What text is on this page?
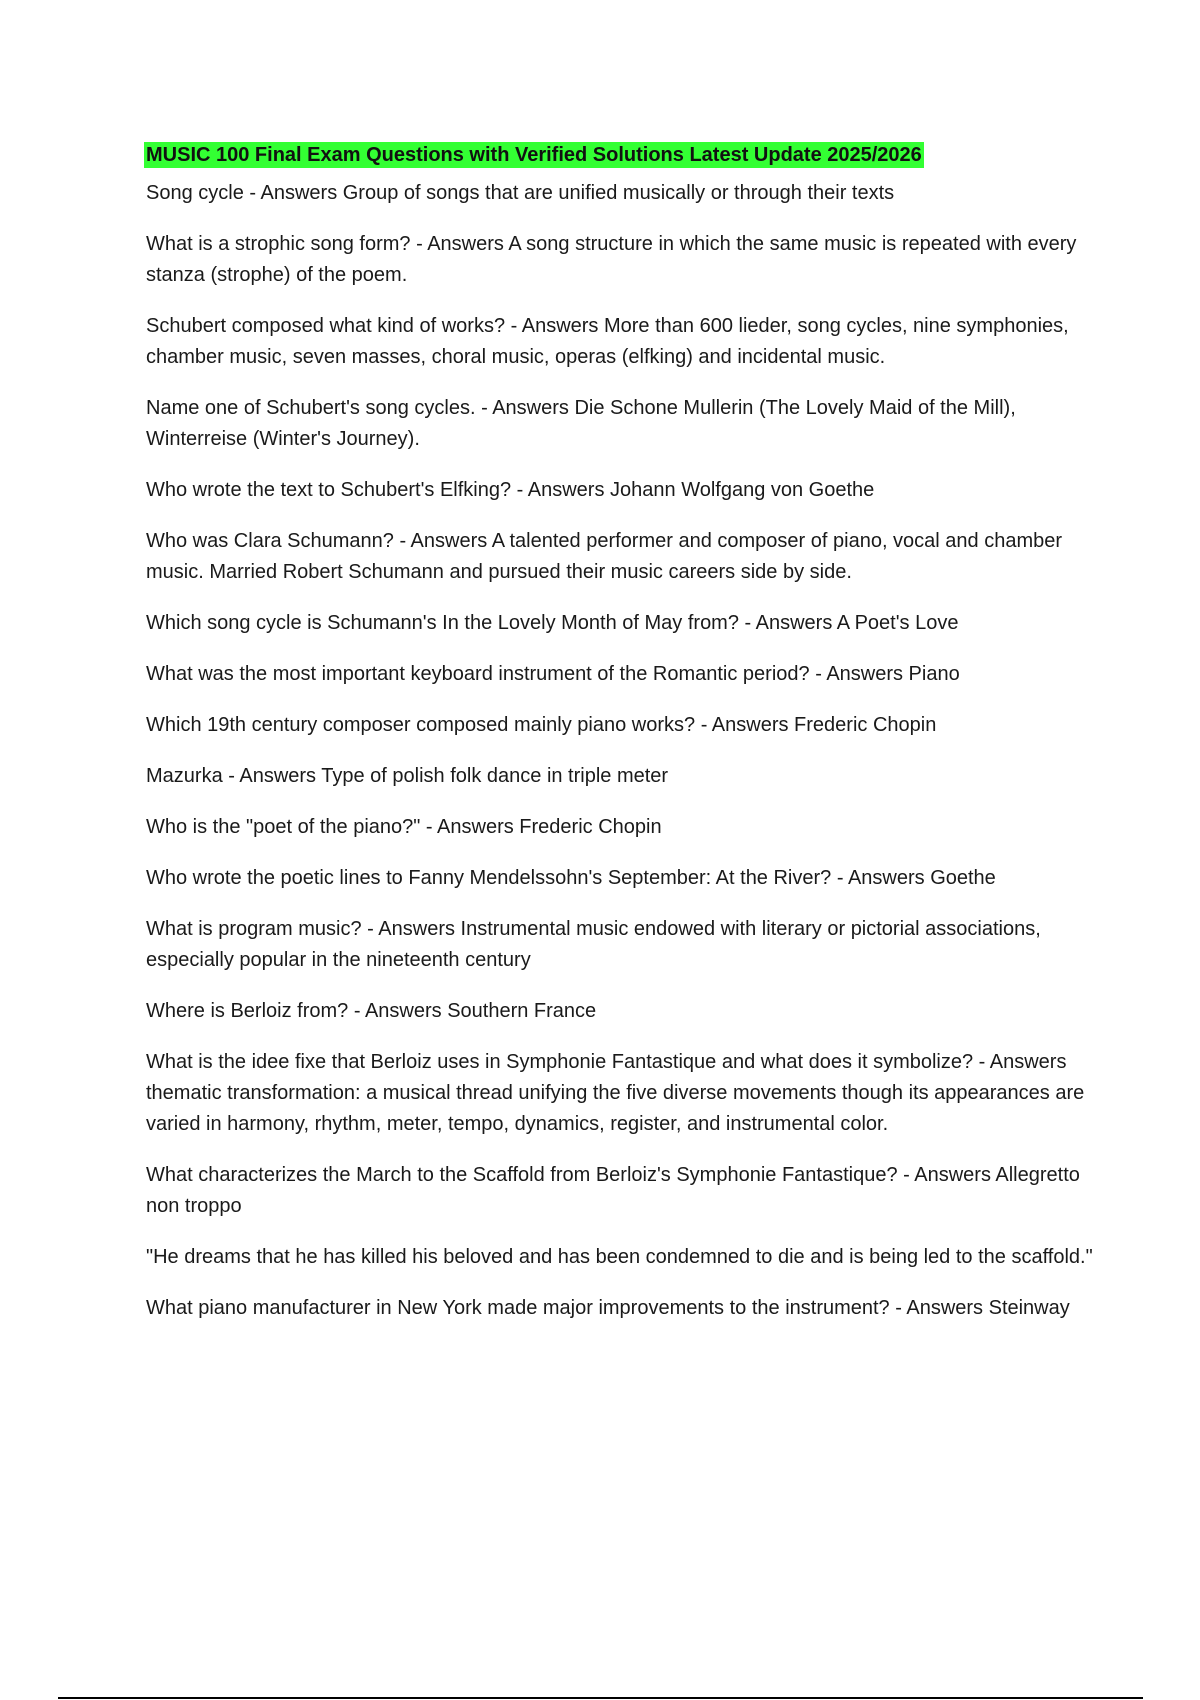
MUSIC 100 Final Exam Questions with Verified Solutions Latest Update 2025/2026
Song cycle - Answers Group of songs that are unified musically or through their texts
What is a strophic song form? - Answers A song structure in which the same music is repeated with every stanza (strophe) of the poem.
Schubert composed what kind of works? - Answers More than 600 lieder, song cycles, nine symphonies, chamber music, seven masses, choral music, operas (elfking) and incidental music.
Name one of Schubert's song cycles. - Answers Die Schone Mullerin (The Lovely Maid of the Mill), Winterreise (Winter's Journey).
Who wrote the text to Schubert's Elfking? - Answers Johann Wolfgang von Goethe
Who was Clara Schumann? - Answers A talented performer and composer of piano, vocal and chamber music. Married Robert Schumann and pursued their music careers side by side.
Which song cycle is Schumann's In the Lovely Month of May from? - Answers A Poet's Love
What was the most important keyboard instrument of the Romantic period? - Answers Piano
Which 19th century composer composed mainly piano works? - Answers Frederic Chopin
Mazurka - Answers Type of polish folk dance in triple meter
Who is the "poet of the piano?" - Answers Frederic Chopin
Who wrote the poetic lines to Fanny Mendelssohn's September: At the River? - Answers Goethe
What is program music? - Answers Instrumental music endowed with literary or pictorial associations, especially popular in the nineteenth century
Where is Berloiz from? - Answers Southern France
What is the idee fixe that Berloiz uses in Symphonie Fantastique and what does it symbolize? - Answers thematic transformation: a musical thread unifying the five diverse movements though its appearances are varied in harmony, rhythm, meter, tempo, dynamics, register, and instrumental color.
What characterizes the March to the Scaffold from Berloiz's Symphonie Fantastique? - Answers Allegretto non troppo
"He dreams that he has killed his beloved and has been condemned to die and is being led to the scaffold."
What piano manufacturer in New York made major improvements to the instrument? - Answers Steinway
